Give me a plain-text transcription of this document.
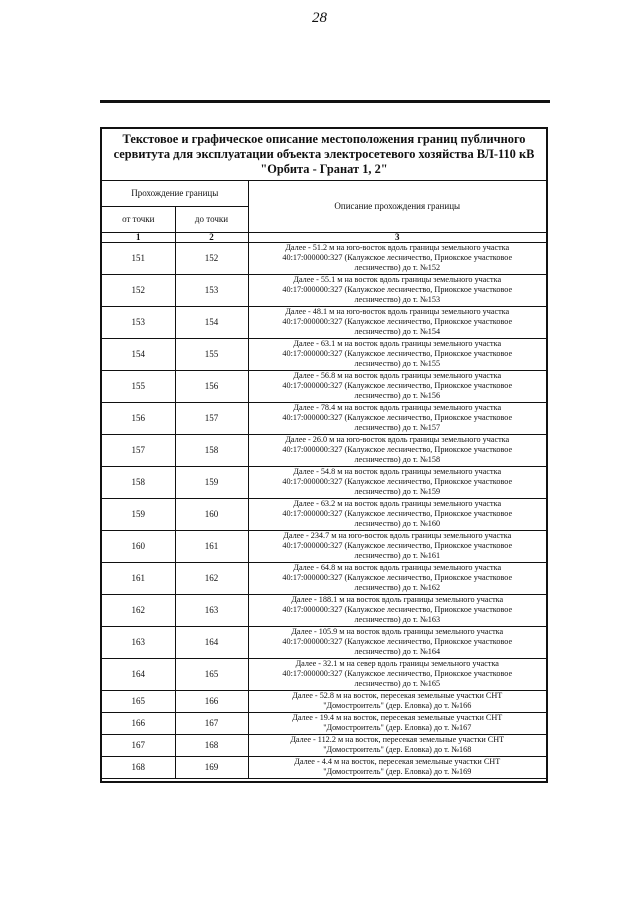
28
Текстовое и графическое описание местоположения границ публичного
сервитута для эксплуатации объекта электросетевого хозяйства ВЛ-110 кВ
"Орбита - Гранат 1, 2"
Прохождение границы		Описание прохождения границы
от точки	до точки	
1	2	3
151	152	Далее - 51.2 м на юго-восток вдоль границы земельного участка
40:17:000000:327 (Калужское лесничество, Приокское участковое
лесничество) до т. №152

152	153	Далее - 55.1 м на восток вдоль границы земельного участка
40:17:000000:327 (Калужское лесничество, Приокское участковое
лесничество) до т. №153

153	154	Далее - 48.1 м на юго-восток вдоль границы земельного участка
40:17:000000:327 (Калужское лесничество, Приокское участковое
лесничество) до т. №154

154	155	Далее - 63.1 м на восток вдоль границы земельного участка
40:17:000000:327 (Калужское лесничество, Приокское участковое
лесничество) до т. №155

155	156	Далее - 56.8 м на восток вдоль границы земельного участка
40:17:000000:327 (Калужское лесничество, Приокское участковое
лесничество) до т. №156

156	157	Далее - 78.4 м на восток вдоль границы земельного участка
40:17:000000:327 (Калужское лесничество, Приокское участковое
лесничество) до т. №157

157	158	Далее - 26.0 м на юго-восток вдоль границы земельного участка
40:17:000000:327 (Калужское лесничество, Приокское участковое
лесничество) до т. №158

158	159	Далее - 54.8 м на восток вдоль границы земельного участка
40:17:000000:327 (Калужское лесничество, Приокское участковое
лесничество) до т. №159

159	160	Далее - 63.2 м на восток вдоль границы земельного участка
40:17:000000:327 (Калужское лесничество, Приокское участковое
лесничество) до т. №160

160	161	Далее - 234.7 м на юго-восток вдоль границы земельного участка
40:17:000000:327 (Калужское лесничество, Приокское участковое
лесничество) до т. №161

161	162	Далее - 64.8 м на восток вдоль границы земельного участка
40:17:000000:327 (Калужское лесничество, Приокское участковое
лесничество) до т. №162

162	163	Далее - 188.1 м на восток вдоль границы земельного участка
40:17:000000:327 (Калужское лесничество, Приокское участковое
лесничество) до т. №163

163	164	Далее - 105.9 м на восток вдоль границы земельного участка
40:17:000000:327 (Калужское лесничество, Приокское участковое
лесничество) до т. №164

164	165	Далее - 32.1 м на север вдоль границы земельного участка
40:17:000000:327 (Калужское лесничество, Приокское участковое
лесничество) до т. №165

165	166	Далее - 52.8 м на восток, пересекая земельные участки СНТ
"Домостроитель" (дер. Еловка) до т. №166

166	167	Далее - 19.4 м на восток, пересекая земельные участки СНТ
"Домостроитель" (дер. Еловка) до т. №167

167	168	Далее - 112.2 м на восток, пересекая земельные участки СНТ
"Домостроитель" (дер. Еловка) до т. №168

168	169	Далее - 4.4 м на восток, пересекая земельные участки СНТ
"Домостроитель" (дер. Еловка) до т. №169
